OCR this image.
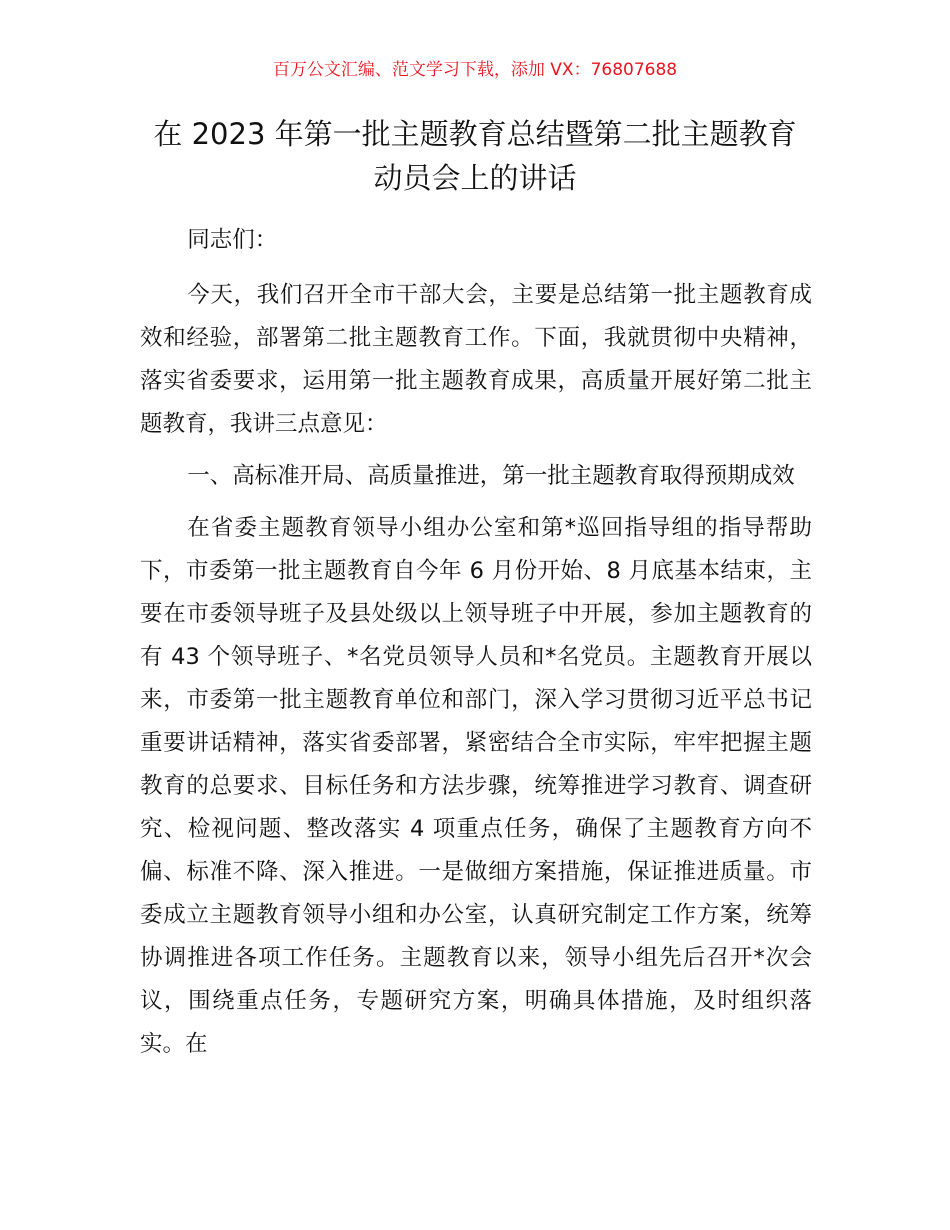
百万公文汇编、范文学习下载，添加 VX：76807688
在 2023 年第一批主题教育总结暨第二批主题教育动员会上的讲话

同志们：

今天，我们召开全市干部大会，主要是总结第一批主题教育成效和经验，部署第二批主题教育工作。下面，我就贯彻中央精神，落实省委要求，运用第一批主题教育成果，高质量开展好第二批主题教育，我讲三点意见：

一、高标准开局、高质量推进，第一批主题教育取得预期成效

在省委主题教育领导小组办公室和第*巡回指导组的指导帮助下，市委第一批主题教育自今年 6 月份开始、8 月底基本结束，主要在市委领导班子及县处级以上领导班子中开展，参加主题教育的有 43 个领导班子、*名党员领导人员和*名党员。主题教育开展以来，市委第一批主题教育单位和部门，深入学习贯彻习近平总书记重要讲话精神，落实省委部署，紧密结合全市实际，牢牢把握主题教育的总要求、目标任务和方法步骤，统筹推进学习教育、调查研究、检视问题、整改落实 4 项重点任务，确保了主题教育方向不偏、标准不降、深入推进。一是做细方案措施，保证推进质量。市委成立主题教育领导小组和办公室，认真研究制定工作方案，统筹协调推进各项工作任务。主题教育以来，领导小组先后召开*次会议，围绕重点任务，专题研究方案，明确具体措施，及时组织落实。在
